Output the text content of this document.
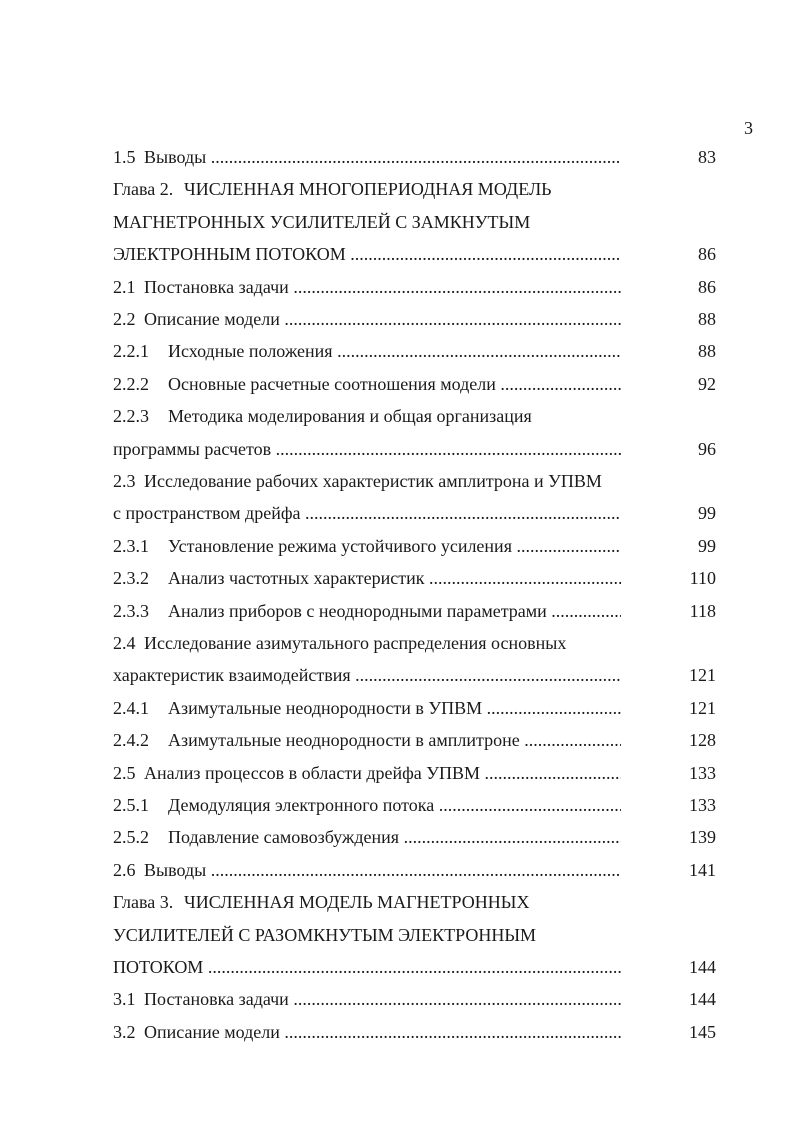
3
1.5 Выводы .....	83
Глава 2. ЧИСЛЕННАЯ МНОГОПЕРИОДНАЯ МОДЕЛЬ
МАГНЕТРОННЫХ УСИЛИТЕЛЕЙ С ЗАМКНУТЫМ
ЭЛЕКТРОННЫМ ПОТОКОМ .....	86
2.1 Постановка задачи .....	86
2.2 Описание модели .....	88
2.2.1 Исходные положения .....	88
2.2.2 Основные расчетные соотношения модели .....	92
2.2.3 Методика моделирования и общая организация
программы расчетов .....	96
2.3 Исследование рабочих характеристик амплитрона и УПВМ
с пространством дрейфа .....	99
2.3.1 Установление режима устойчивого усиления .....	99
2.3.2 Анализ частотных характеристик .....	110
2.3.3 Анализ приборов с неоднородными параметрами .....	118
2.4 Исследование азимутального распределения основных
характеристик взаимодействия .....	121
2.4.1 Азимутальные неоднородности в УПВМ .....	121
2.4.2 Азимутальные неоднородности в амплитроне .....	128
2.5 Анализ процессов в области дрейфа УПВМ .....	133
2.5.1 Демодуляция электронного потока .....	133
2.5.2 Подавление самовозбуждения .....	139
2.6 Выводы .....	141
Глава 3. ЧИСЛЕННАЯ МОДЕЛЬ МАГНЕТРОННЫХ
УСИЛИТЕЛЕЙ С РАЗОМКНУТЫМ ЭЛЕКТРОННЫМ
ПОТОКОМ .....	144
3.1 Постановка задачи .....	144
3.2 Описание модели .....	145
